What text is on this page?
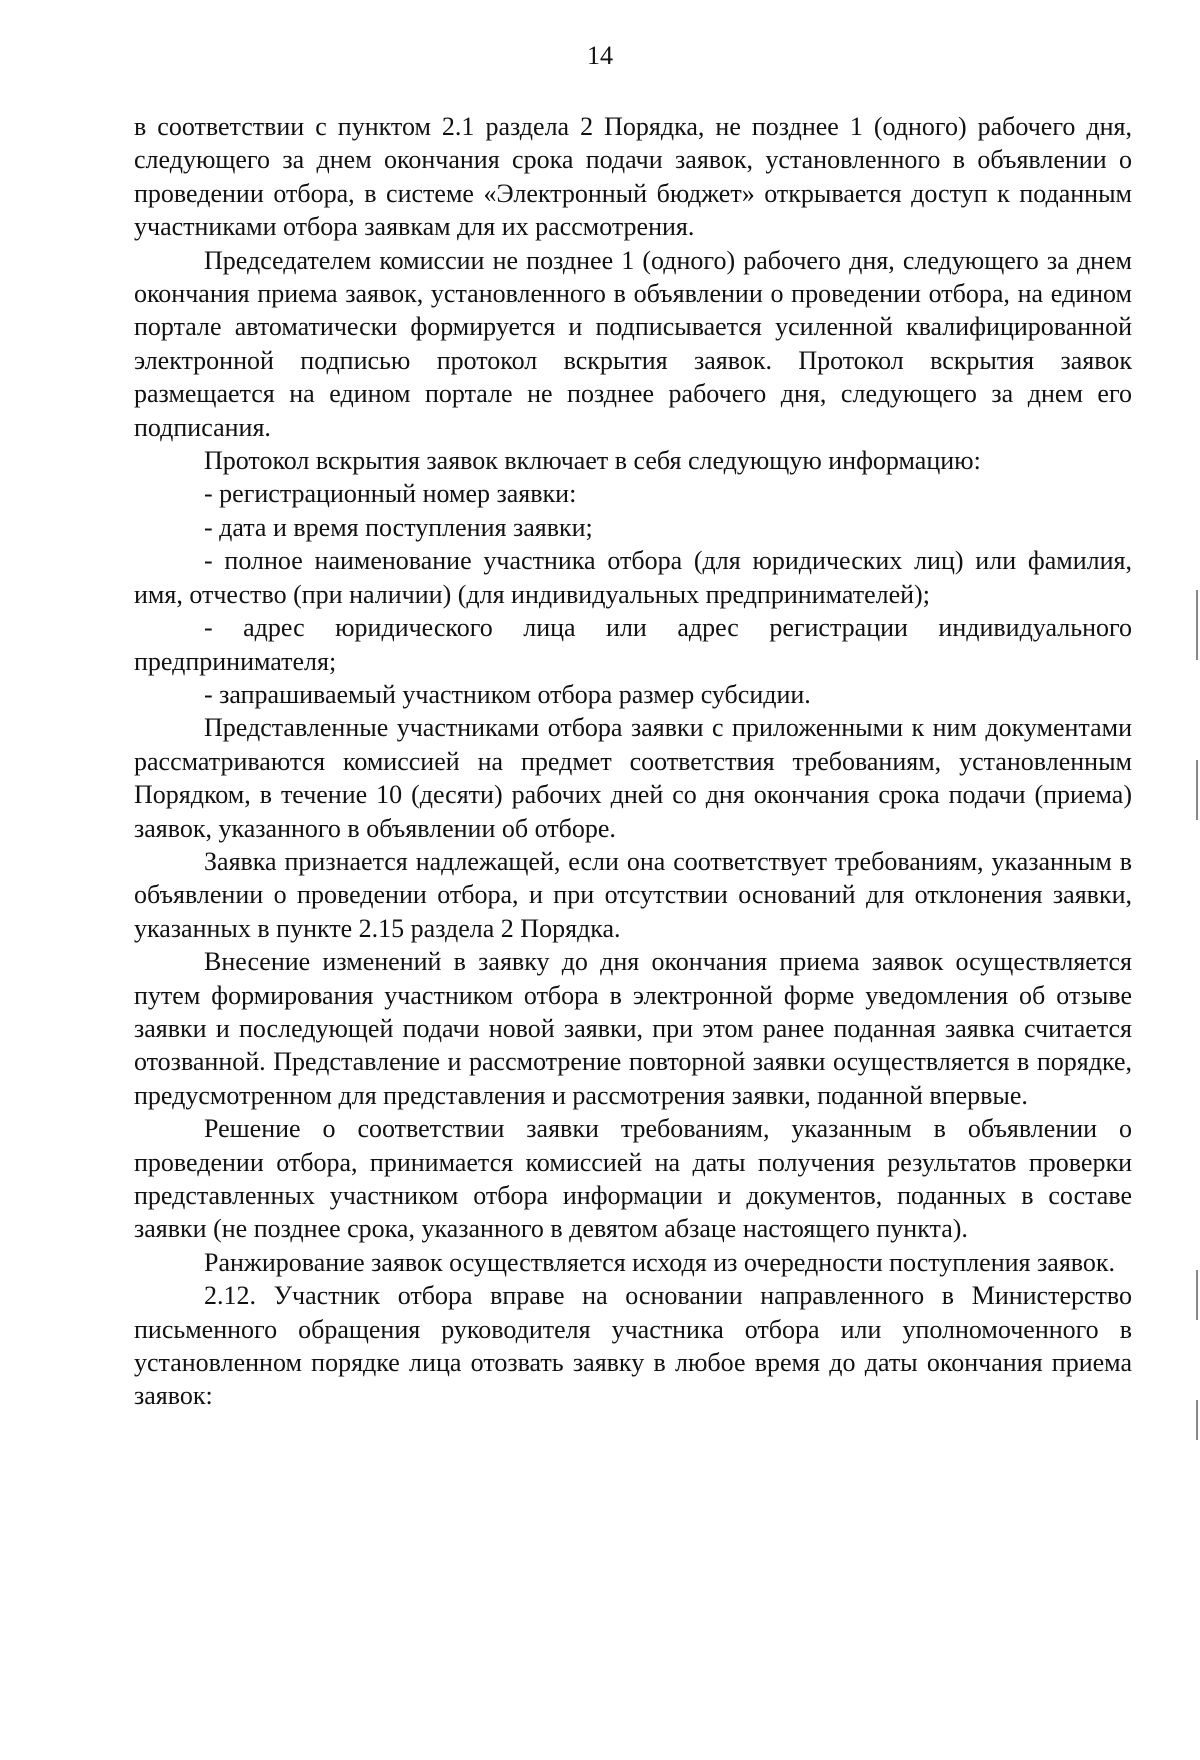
14

в соответствии с пунктом 2.1 раздела 2 Порядка, не позднее 1 (одного) рабочего дня, следующего за днем окончания срока подачи заявок, установленного в объявлении о проведении отбора, в системе «Электронный бюджет» открывается доступ к поданным участниками отбора заявкам для их рассмотрения.

Председателем комиссии не позднее 1 (одного) рабочего дня, следующего за днем окончания приема заявок, установленного в объявлении о проведении отбора, на едином портале автоматически формируется и подписывается усиленной квалифицированной электронной подписью протокол вскрытия заявок. Протокол вскрытия заявок размещается на едином портале не позднее рабочего дня, следующего за днем его подписания.

Протокол вскрытия заявок включает в себя следующую информацию:

- регистрационный номер заявки:

- дата и время поступления заявки;

- полное наименование участника отбора (для юридических лиц) или фамилия, имя, отчество (при наличии) (для индивидуальных предпринимателей);

- адрес юридического лица или адрес регистрации индивидуального предпринимателя;

- запрашиваемый участником отбора размер субсидии.

Представленные участниками отбора заявки с приложенными к ним документами рассматриваются комиссией на предмет соответствия требованиям, установленным Порядком, в течение 10 (десяти) рабочих дней со дня окончания срока подачи (приема) заявок, указанного в объявлении об отборе.

Заявка признается надлежащей, если она соответствует требованиям, указанным в объявлении о проведении отбора, и при отсутствии оснований для отклонения заявки, указанных в пункте 2.15 раздела 2 Порядка.

Внесение изменений в заявку до дня окончания приема заявок осуществляется путем формирования участником отбора в электронной форме уведомления об отзыве заявки и последующей подачи новой заявки, при этом ранее поданная заявка считается отозванной. Представление и рассмотрение повторной заявки осуществляется в порядке, предусмотренном для представления и рассмотрения заявки, поданной впервые.

Решение о соответствии заявки требованиям, указанным в объявлении о проведении отбора, принимается комиссией на даты получения результатов проверки представленных участником отбора информации и документов, поданных в составе заявки (не позднее срока, указанного в девятом абзаце настоящего пункта).

Ранжирование заявок осуществляется исходя из очередности поступления заявок.

2.12. Участник отбора вправе на основании направленного в Министерство письменного обращения руководителя участника отбора или уполномоченного в установленном порядке лица отозвать заявку в любое время до даты окончания приема заявок:
